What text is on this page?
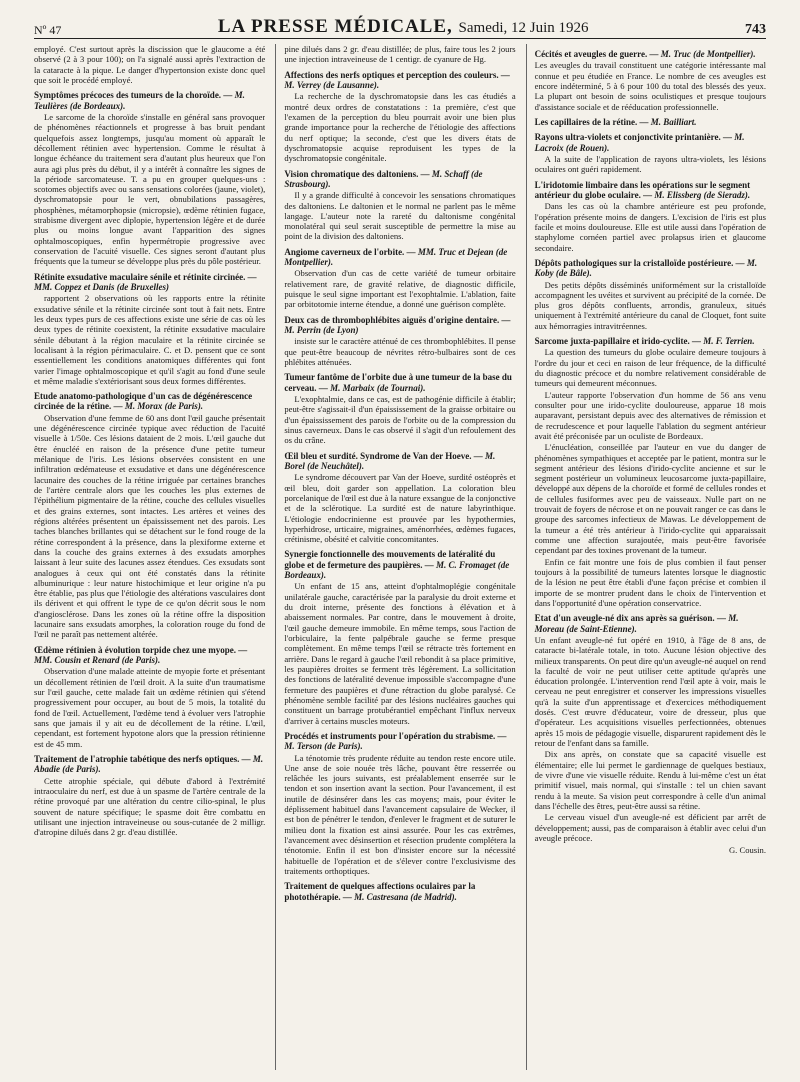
Nº 47	LA PRESSE MÉDICALE, Samedi, 12 Juin 1926	743

employé. C'est surtout après la discission que le glaucome a été observé (2 à 3 pour 100); on l'a signalé aussi après l'extraction de la cataracte à la pique. Le danger d'hypertonsion existe donc quel que soit le procédé employé.

Symptômes précoces des tumeurs de la choroïde. — M. Teulières (de Bordeaux).

Le sarcome de la choroïde s'installe en général sans provoquer de phénomènes réactionnels et progresse à bas bruit pendant quelquefois assez longtemps, jusqu'au moment où apparaît le décollement rétinien avec hypertension. Comme le résultat à longue échéance du traitement sera d'autant plus heureux que l'on aura agi plus près du début, il y a intérêt à connaître les signes de la période sarcomateuse. T. a pu en grouper quelques-uns : scotomes objectifs avec ou sans sensations colorées (jaune, violet), dyschromatopsie pour le vert, obnubilations passagères, phosphènes, métamorphopsie (micropsie), œdème rétinien fugace, strabisme divergent avec diplopie, hypertension légère et de durée plus ou moins longue avant l'apparition des signes ophtalmoscopiques, enfin hypermétropie progressive avec conservation de l'acuité visuelle. Ces signes seront d'autant plus fréquents que la tumeur se développe plus près du pôle postérieur.

Rétinite exsudative maculaire sénile et rétinite circinée. — MM. Coppez et Danis (de Bruxelles)

rapportent 2 observations où les rapports entre la rétinite exsudative sénile et la rétinite circinée sont tout à fait nets. Entre les deux types purs de ces affections existe une série de cas où les deux types de rétinite coexistent, la rétinite exsudative maculaire sénile débutant à la région maculaire et la rétinite circinée se localisant à la région périmaculaire. C. et D. pensent que ce sont essentiellement les conditions anatomiques différentes qui font varier l'image ophtalmoscopique et qu'il s'agit au fond d'une seule et même maladie s'extériorisant sous deux formes différentes.

Etude anatomo-pathologique d'un cas de dégénérescence circinée de la rétine. — M. Morax (de Paris).

Observation d'une femme de 60 ans dont l'œil gauche présentait une dégénérescence circinée typique avec réduction de l'acuité visuelle à 1/50e. Ces lésions dataient de 2 mois. L'œil gauche dut être énucléé en raison de la présence d'une petite tumeur mélanique de l'iris. Les lésions observées consistent en une infiltration œdémateuse et exsudative et dans une dégénérescence lacunaire des couches de la rétine irriguée par certaines branches de l'artère centrale alors que les couches les plus externes de l'épithélium pigmentaire de la rétine, couche des cellules visuelles et des grains externes, sont intactes. Les artères et veines des régions altérées présentent un épaississement net des parois. Les taches blanches brillantes qui se détachent sur le fond rouge de la rétine correspondent à la présence, dans la plexiforme externe et dans la couche des grains externes à des exsudats amorphes laissant à leur suite des lacunes assez étendues. Ces exsudats sont analogues à ceux qui ont été constatés dans la rétinite albuminurique : leur nature histochimique et leur origine n'a pu être établie, pas plus que l'étiologie des altérations vasculaires dont ils dérivent et qui offrent le type de ce qu'on décrit sous le nom d'angiosclérose. Dans les zones où la rétine offre la disposition lacunaire sans exsudats amorphes, la coloration rouge du fond de l'œil ne paraît pas nettement altérée.

Œdème rétinien à évolution torpide chez une myope. — MM. Cousin et Renard (de Paris).

Observation d'une malade atteinte de myopie forte et présentant un décollement rétinien de l'œil droit. A la suite d'un traumatisme sur l'œil gauche, cette malade fait un œdème rétinien qui s'étend progressivement pour occuper, au bout de 5 mois, la totalité du fond de l'œil. Actuellement, l'œdème tend à évoluer vers l'atrophie sans que jamais il y ait eu de décollement de la rétine. L'œil, cependant, est fortement hypotone alors que la pression rétinienne est de 45 mm.

Traitement de l'atrophie tabétique des nerfs optiques. — M. Abadie (de Paris).

Cette atrophie spéciale, qui débute d'abord à l'extrémité intraoculaire du nerf, est due à un spasme de l'artère centrale de la rétine provoqué par une altération du centre cilio-spinal, le plus souvent de nature spécifique; le spasme doit être combattu en utilisant une injection intraveineuse ou sous-cutanée de 2 milligr. d'atropine dilués dans 2 gr. d'eau distillée.

pine dilués dans 2 gr. d'eau distillée; de plus, faire tous les 2 jours une injection intraveineuse de 1 centigr. de cyanure de Hg.

Affections des nerfs optiques et perception des couleurs. — M. Verrey (de Lausanne).

La recherche de la dyschromatopsie dans les cas étudiés a montré deux ordres de constatations : 1a première, c'est que l'examen de la perception du bleu pourrait avoir une bien plus grande importance pour la recherche de l'étiologie des affections du nerf optique; la seconde, c'est que les divers états de dyschromatopsie acquise reproduisent les types de la dyschromatopsie congénitale.

Vision chromatique des daltoniens. — M. Schaff (de Strasbourg).

Il y a grande difficulté à concevoir les sensations chromatiques des daltoniens. Le daltonien et le normal ne parlent pas le même langage. L'auteur note la rareté du daltonisme congénital monolatéral qui seul serait susceptible de permettre la mise au point de la division des daltoniens.

Angiome caverneux de l'orbite. — MM. Truc et Dejean (de Montpellier).

Observation d'un cas de cette variété de tumeur orbitaire relativement rare, de gravité relative, de diagnostic difficile, puisque le seul signe important est l'exophtalmie. L'ablation, faite par orbitotomie interne étendue, a donné une guérison complète.

Deux cas de thrombophlébites aiguës d'origine dentaire. — M. Perrin (de Lyon)

insiste sur le caractère atténué de ces thrombophlébites. Il pense que peut-être beaucoup de névrites rétro-bulbaires sont de ces phlébites atténuées.

Tumeur fantôme de l'orbite due à une tumeur de la base du cerveau. — M. Marbaix (de Tournai).

L'exophtalmie, dans ce cas, est de pathogénie difficile à établir; peut-être s'agissait-il d'un épaississement de la graisse orbitaire ou d'un épaississement des parois de l'orbite ou de la compression du sinus caverneux. Dans le cas observé il s'agit d'un refoulement des os du crâne.

Œil bleu et surdité. Syndrome de Van der Hoeve. — M. Borel (de Neuchâtel).

Le syndrome découvert par Van der Hoeve, surdité ostéoprès et œil bleu, doit garder son appellation. La coloration bleu porcelanique de l'œil est due à la nature exsangue de la conjonctive et de la sclérotique. La surdité est de nature labyrinthique. L'étiologie endocrinienne est prouvée par les hypothermies, hyperhidrose, urticaire, migraines, aménorrhées, œdèmes fugaces, crétinisme, obésité et calvitie concomitantes.

Synergie fonctionnelle des mouvements de latéralité du globe et de fermeture des paupières. — M. C. Fromaget (de Bordeaux).

Un enfant de 15 ans, atteint d'ophtalmoplégie congénitale unilatérale gauche, caractérisée par la paralysie du droit externe et du droit interne, présente des fonctions à élévation et à abaissement normales. Par contre, dans le mouvement à droite, l'œil gauche demeure immobile. En même temps, sous l'action de l'orbiculaire, la fente palpébrale gauche se ferme presque complètement. En même temps l'œil se rétracte très fortement en arrière. Dans le regard à gauche l'œil rebondit à sa place primitive, les paupières droites se ferment très légèrement. La sollicitation des fonctions de latéralité devenue impossible s'accompagne d'une fermeture des paupières et d'une rétraction du globe paralysé. Ce phénomène semble facilité par des lésions nucléaires gauches qui constituent un barrage protubérantiel empêchant l'influx nerveux d'arriver à certains muscles moteurs.

Procédés et instruments pour l'opération du strabisme. — M. Terson (de Paris).

La ténotomie très prudente réduite au tendon reste encore utile. Une anse de soie nouée très lâche, pouvant être resserrée ou relâchée les jours suivants, est préalablement enserrée sur le tendon et son insertion avant la section. Pour l'avancement, il est inutile de désinsérer dans les cas moyens; mais, pour éviter le déplissement habituel dans l'avancement capsulaire de Wecker, il est bon de pénétrer le tendon, d'enlever le fragment et de suturer le milieu dont la fixation est ainsi assurée. Pour les cas extrêmes, l'avancement avec désinsertion et résection prudente complétera la ténotomie. Enfin il est bon d'insister encore sur la nécessité habituelle de l'opération et de s'élever contre l'exclusivisme des traitements orthoptiques.

Traitement de quelques affections oculaires par la photothérapie. — M. Castresana (de Madrid).
Cécités et aveugles de guerre. — M. Truc (de Montpellier).

Les aveugles du travail constituent une catégorie intéressante mal connue et peu étudiée en France. Le nombre de ces aveugles est encore indéterminé, 5 à 6 pour 100 du total des blessés des yeux. La plupart ont besoin de soins oculistiques et presque toujours d'assistance sociale et de rééducation professionnelle.

Les capillaires de la rétine. — M. Bailliart.
Rayons ultra-violets et conjonctivite printanière. — M. Lacroix (de Rouen).

A la suite de l'application de rayons ultra-violets, les lésions oculaires ont guéri rapidement.

L'iridotomie limbaire dans les opérations sur le segment antérieur du globe oculaire. — M. Elissberg (de Sieradz).

Dans les cas où la chambre antérieure est peu profonde, l'opération présente moins de dangers. L'excision de l'iris est plus facile et moins douloureuse. Elle est utile aussi dans l'opération de staphylome cornéen partiel avec prolapsus irien et glaucome secondaire.

Dépôts pathologiques sur la cristalloïde postérieure. — M. Koby (de Bâle).

Des petits dépôts disséminés uniformément sur la cristalloïde accompagnent les uvéites et survivent au précipité de la cornée. De plus gros dépôts confluents, arrondis, granuleux, situés uniquement à l'extrémité antérieure du canal de Cloquet, font suite aux hémorragies intravitréennes.

Sarcome juxta-papillaire et irido-cyclite. — M. F. Terrien.

La question des tumeurs du globe oculaire demeure toujours à l'ordre du jour et ceci en raison de leur fréquence, de la difficulté du diagnostic précoce et du nombre relativement considérable de tumeurs qui demeurent méconnues.

L'auteur rapporte l'observation d'un homme de 56 ans venu consulter pour une irido-cyclite douloureuse, apparue 18 mois auparavant, persistant depuis avec des alternatives de rémission et de recrudescence et pour laquelle l'ablation du segment antérieur avait été préconisée par un oculiste de Bordeaux.

L'énucléation, conseillée par l'auteur en vue du danger de phénomènes sympathiques et acceptée par le patient, montra sur le segment antérieur des lésions d'irido-cyclite ancienne et sur le segment postérieur un volumineux leucosarcome juxta-papillaire, développé aux dépens de la choroïde et formé de cellules rondes et de cellules fusiformes avec peu de vaisseaux. Nulle part on ne trouvait de foyers de nécrose et on ne pouvait ranger ce cas dans le groupe des sarcomes infectieux de Mawas. Le développement de la tumeur a été très antérieur à l'irido-cyclite qui apparaissait comme une affection surajoutée, mais peut-être favorisée cependant par des toxines provenant de la tumeur.

Enfin ce fait montre une fois de plus combien il faut penser toujours à la possibilité de tumeurs latentes lorsque le diagnostic de la lésion ne peut être établi d'une façon précise et combien il importe de se montrer prudent dans le choix de l'intervention et dans l'opportunité d'une opération conservatrice.

Etat d'un aveugle-né dix ans après sa guérison. — M. Moreau (de Saint-Etienne).

Un enfant aveugle-né fut opéré en 1910, à l'âge de 8 ans, de cataracte bi-latérale totale, in toto. Aucune lésion objective des milieux transparents. On peut dire qu'un aveugle-né auquel on rend la faculté de voir ne peut utiliser cette aptitude qu'après une éducation prolongée. L'intervention rend l'œil apte à voir, mais le cerveau ne peut enregistrer et conserver les impressions visuelles qu'à la suite d'un apprentissage et d'exercices méthodiquement dosés. C'est œuvre d'éducateur, voire de dresseur, plus que d'opérateur. Les acquisitions visuelles perfectionnées, obtenues après 15 mois de pédagogie visuelle, disparurent rapidement dès le retour de l'enfant dans sa famille.

Dix ans après, on constate que sa capacité visuelle est élémentaire; elle lui permet le gardiennage de quelques bestiaux, de vivre d'une vie visuelle réduite. Rendu à lui-même c'est un état primitif visuel, mais normal, qui s'installe : tel un chien savant rendu à la meute. Sa vision peut correspondre à celle d'un animal dans l'échelle des êtres, peut-être aussi sa rétine.

Le cerveau visuel d'un aveugle-né est déficient par arrêt de développement; aussi, pas de comparaison à établir avec celui d'un aveugle précoce.

G. Cousin.
